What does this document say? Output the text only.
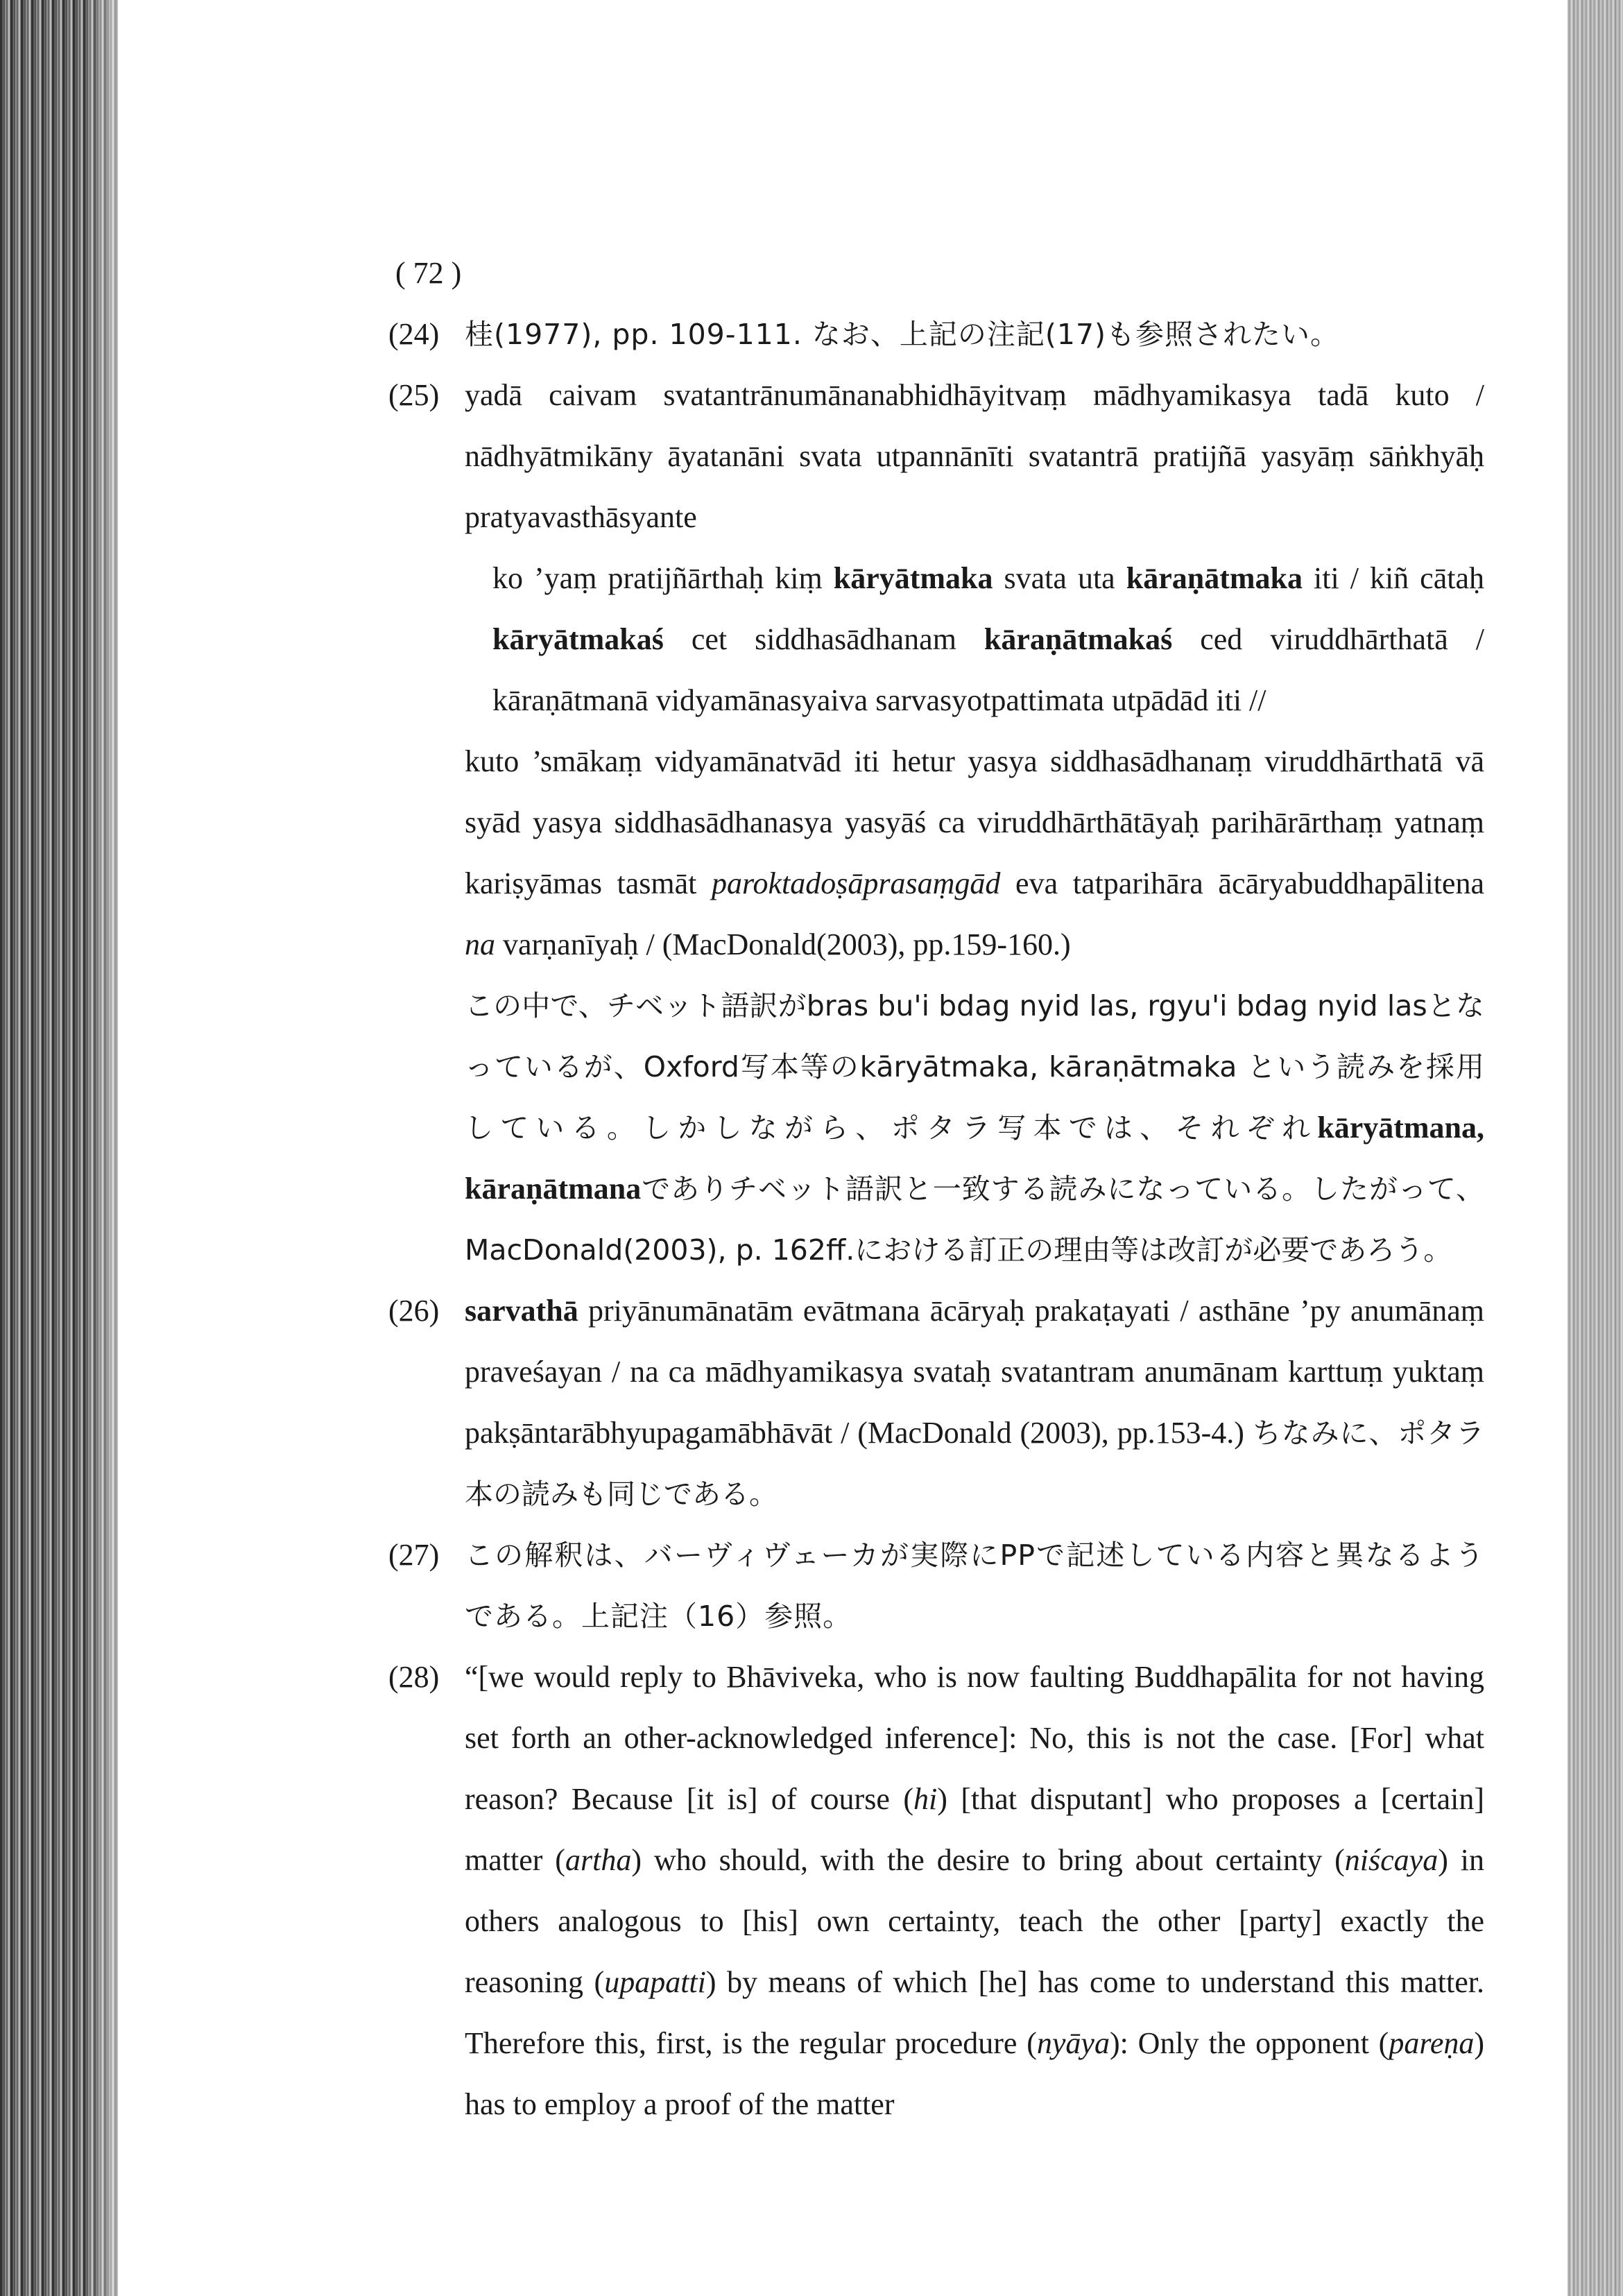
( 72 )
(24) 桂(1977), pp. 109-111. なお、上記の注記(17)も参照されたい。
(25) yadā caivam svatantrānumānanabhidhāyitvaṃ mādhyamikasya tadā kuto / nādhyātmikāny āyatanāni svata utpannānīti svatantrā pratijñā yasyāṃ sāṅkhyāḥ pratyavasthāsyante
ko ’yaṃ pratijñārthaḥ kiṃ kāryātmaka svata uta kāraṇātmaka iti / kiñ cātaḥ kāryātmakaś cet siddhasādhanam kāraṇātmakaś ced viruddhārthatā / kāraṇātmanā vidyamānasyaiva sarvasyotpattimata utpādād iti //
kuto ’smākaṃ vidyamānatvād iti hetur yasya siddhasādhanaṃ viruddhārthatā vā syād yasya siddhasādhanasya yasyāś ca viruddhārthātāyaḥ parihārārthaṃ yatnaṃ kariṣyāmas tasmāt paroktadoṣāprasaṃgād eva tatparihāra ācāryabuddhapālitena na varṇanīyaḥ / (MacDonald(2003), pp.159-160.)
この中で、チベット語訳がbras bu'i bdag nyid las, rgyu'i bdag nyid lasとなっているが、Oxford写本等のkāryātmaka, kāraṇātmaka という読みを採用している。しかしながら、ポタラ写本では、それぞれkāryātmana, kāraṇātmanaでありチベット語訳と一致する読みになっている。したがって、MacDonald(2003), p. 162ff.における訂正の理由等は改訂が必要であろう。
(26) sarvathā priyānumānatām evātmana ācāryaḥ prakaṭayati / asthāne ’py anumānaṃ praveśayan / na ca mādhyamikasya svataḥ svatantram anumānam karttuṃ yuktaṃ pakṣāntarābhyupagamābhāvāt / (MacDonald (2003), pp.153-4.) ちなみに、ポタラ本の読みも同じである。
(27) この解釈は、バーヴィヴェーカが実際にPPで記述している内容と異なるようである。上記注（16）参照。
(28) “[we would reply to Bhāviveka, who is now faulting Buddhapālita for not having set forth an other-acknowledged inference]: No, this is not the case. [For] what reason? Because [it is] of course (hi) [that disputant] who proposes a [certain] matter (artha) who should, with the desire to bring about certainty (niścaya) in others analogous to [his] own certainty, teach the other [party] exactly the reasoning (upapatti) by means of which [he] has come to understand this matter. Therefore this, first, is the regular procedure (nyāya): Only the opponent (pareṇa) has to employ a proof of the matter
